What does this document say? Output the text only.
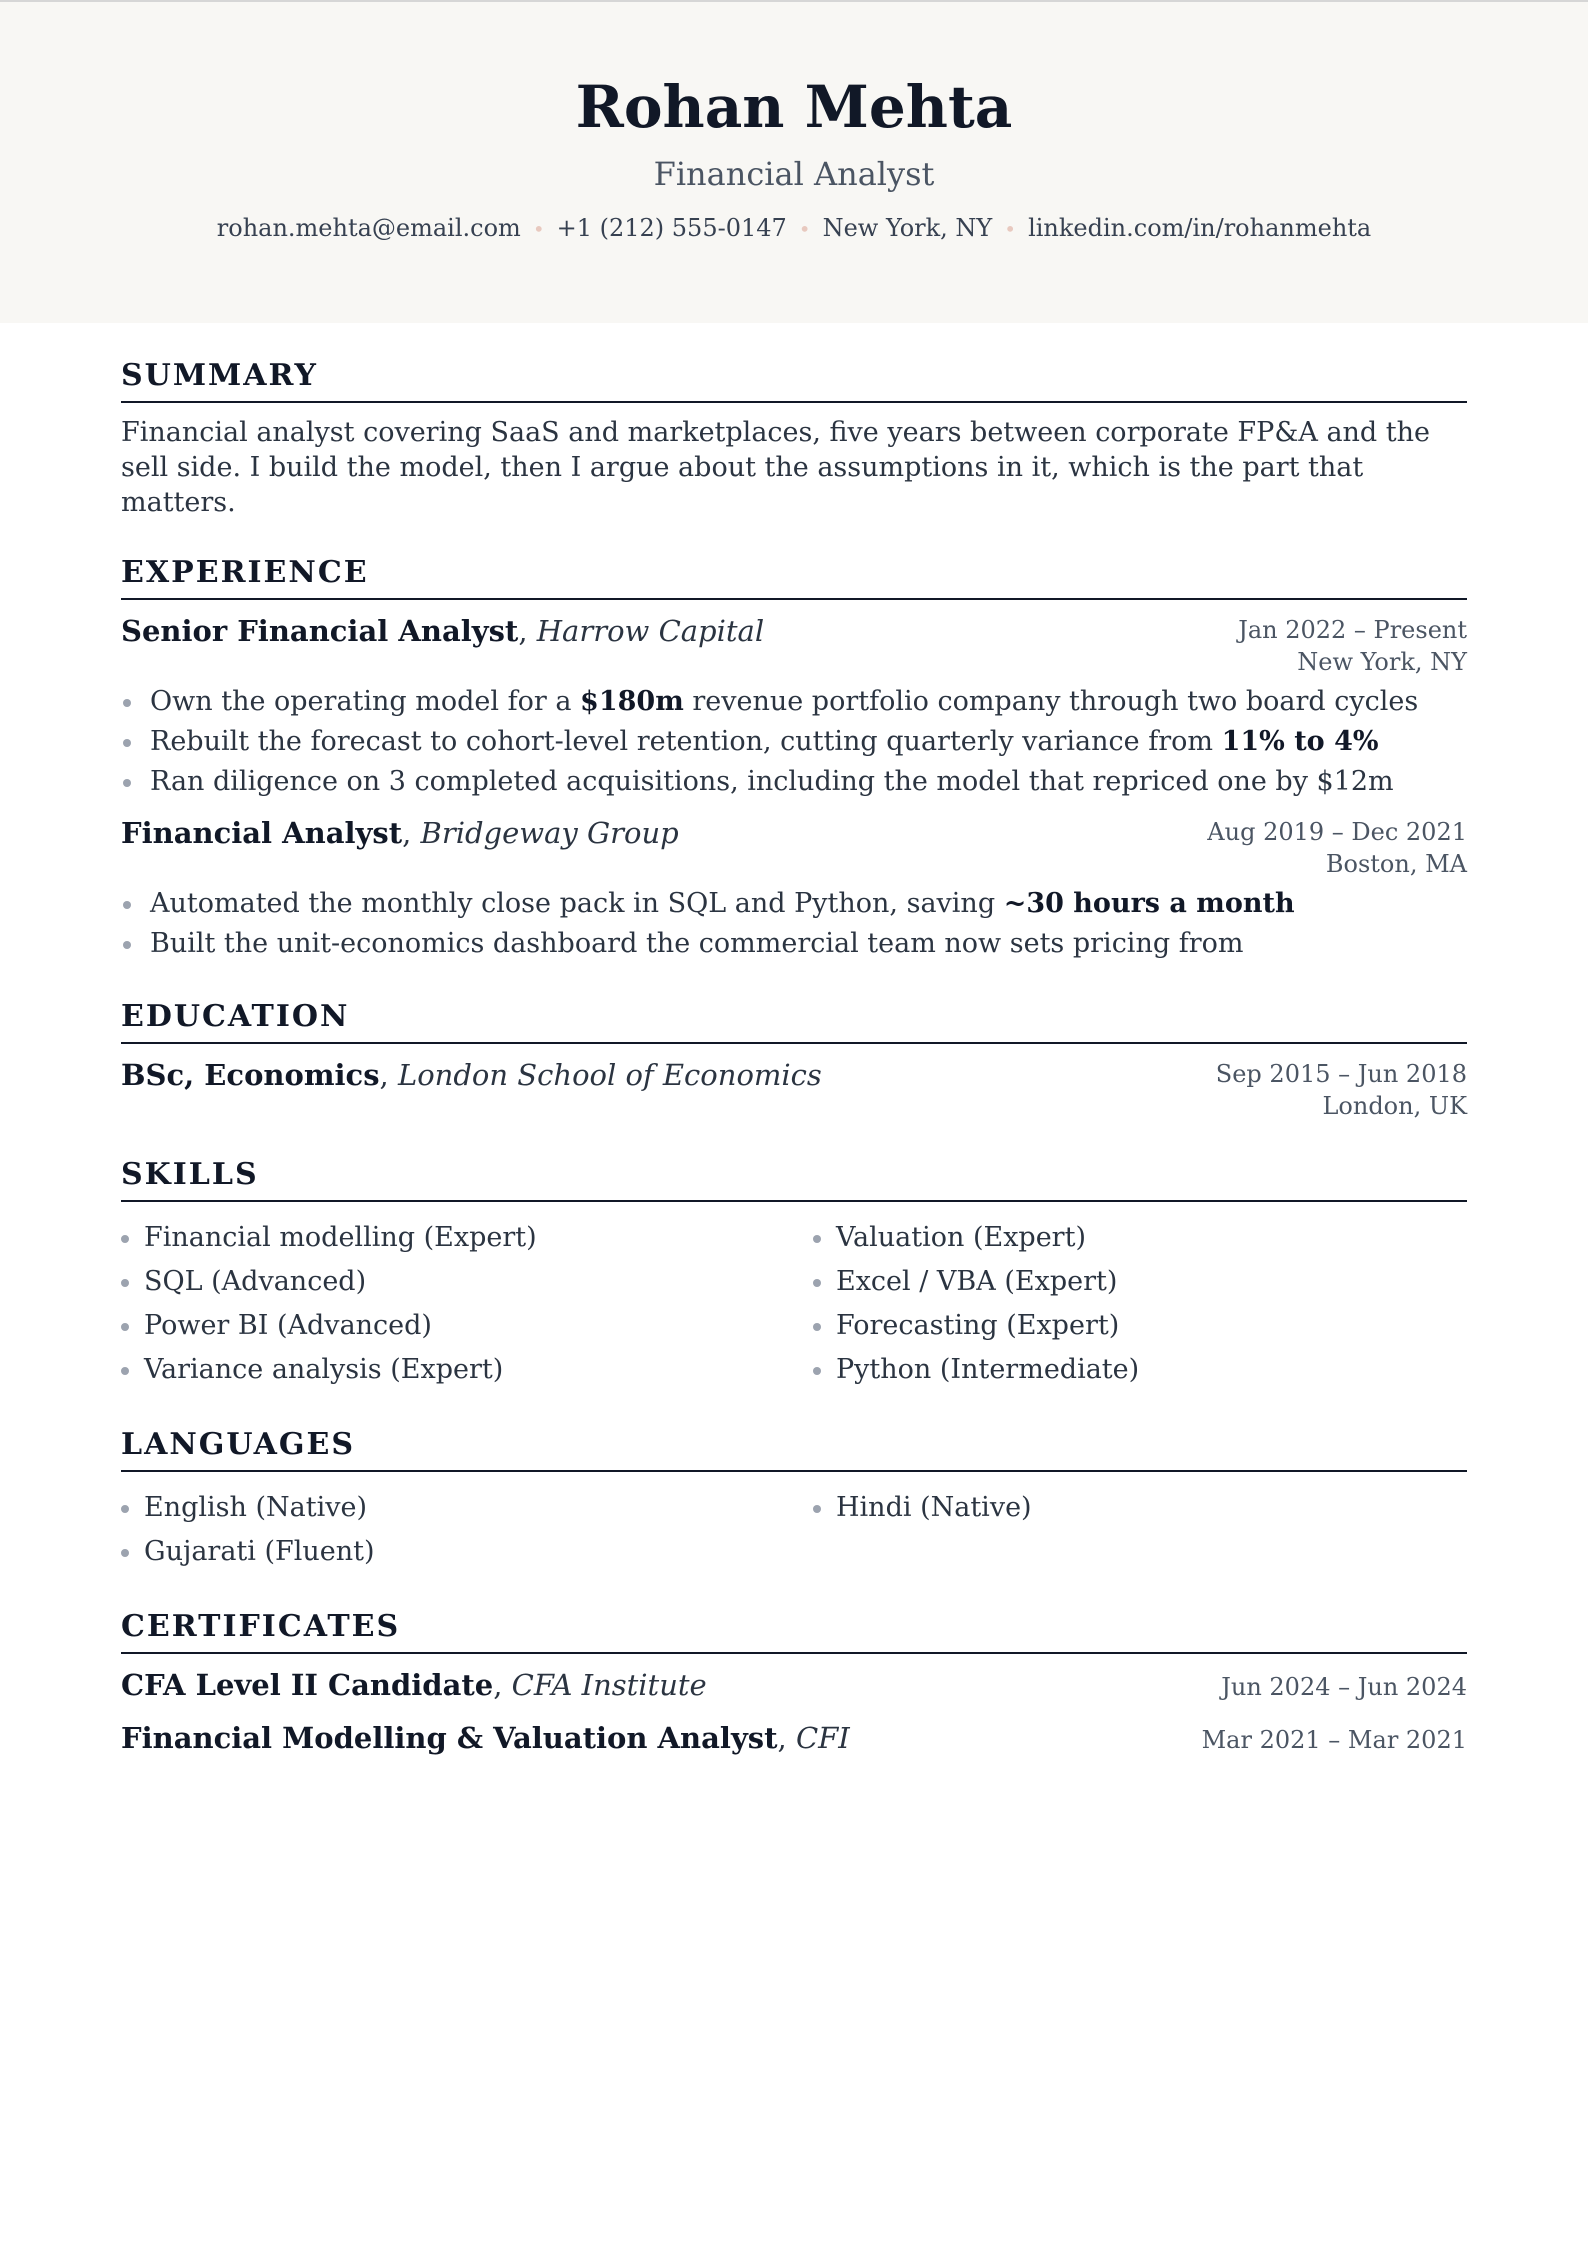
Rohan Mehta
Financial Analyst
rohan.mehta@email.com • +1 (212) 555-0147 • New York, NY • linkedin.com/in/rohanmehta
SUMMARY
Financial analyst covering SaaS and marketplaces, five years between corporate FP&A and the sell side. I build the model, then I argue about the assumptions in it, which is the part that matters.
EXPERIENCE
Senior Financial Analyst, Harrow Capital	Jan 2022 – Present
New York, NY
Own the operating model for a $180m revenue portfolio company through two board cycles
Rebuilt the forecast to cohort-level retention, cutting quarterly variance from 11% to 4%
Ran diligence on 3 completed acquisitions, including the model that repriced one by $12m
Financial Analyst, Bridgeway Group	Aug 2019 – Dec 2021
Boston, MA
Automated the monthly close pack in SQL and Python, saving ~30 hours a month
Built the unit-economics dashboard the commercial team now sets pricing from
EDUCATION
BSc, Economics, London School of Economics	Sep 2015 – Jun 2018
London, UK
SKILLS
Financial modelling (Expert)	Valuation (Expert)
SQL (Advanced)	Excel / VBA (Expert)
Power BI (Advanced)	Forecasting (Expert)
Variance analysis (Expert)	Python (Intermediate)
LANGUAGES
English (Native)	Hindi (Native)
Gujarati (Fluent)
CERTIFICATES
CFA Level II Candidate, CFA Institute	Jun 2024 – Jun 2024
Financial Modelling & Valuation Analyst, CFI	Mar 2021 – Mar 2021
